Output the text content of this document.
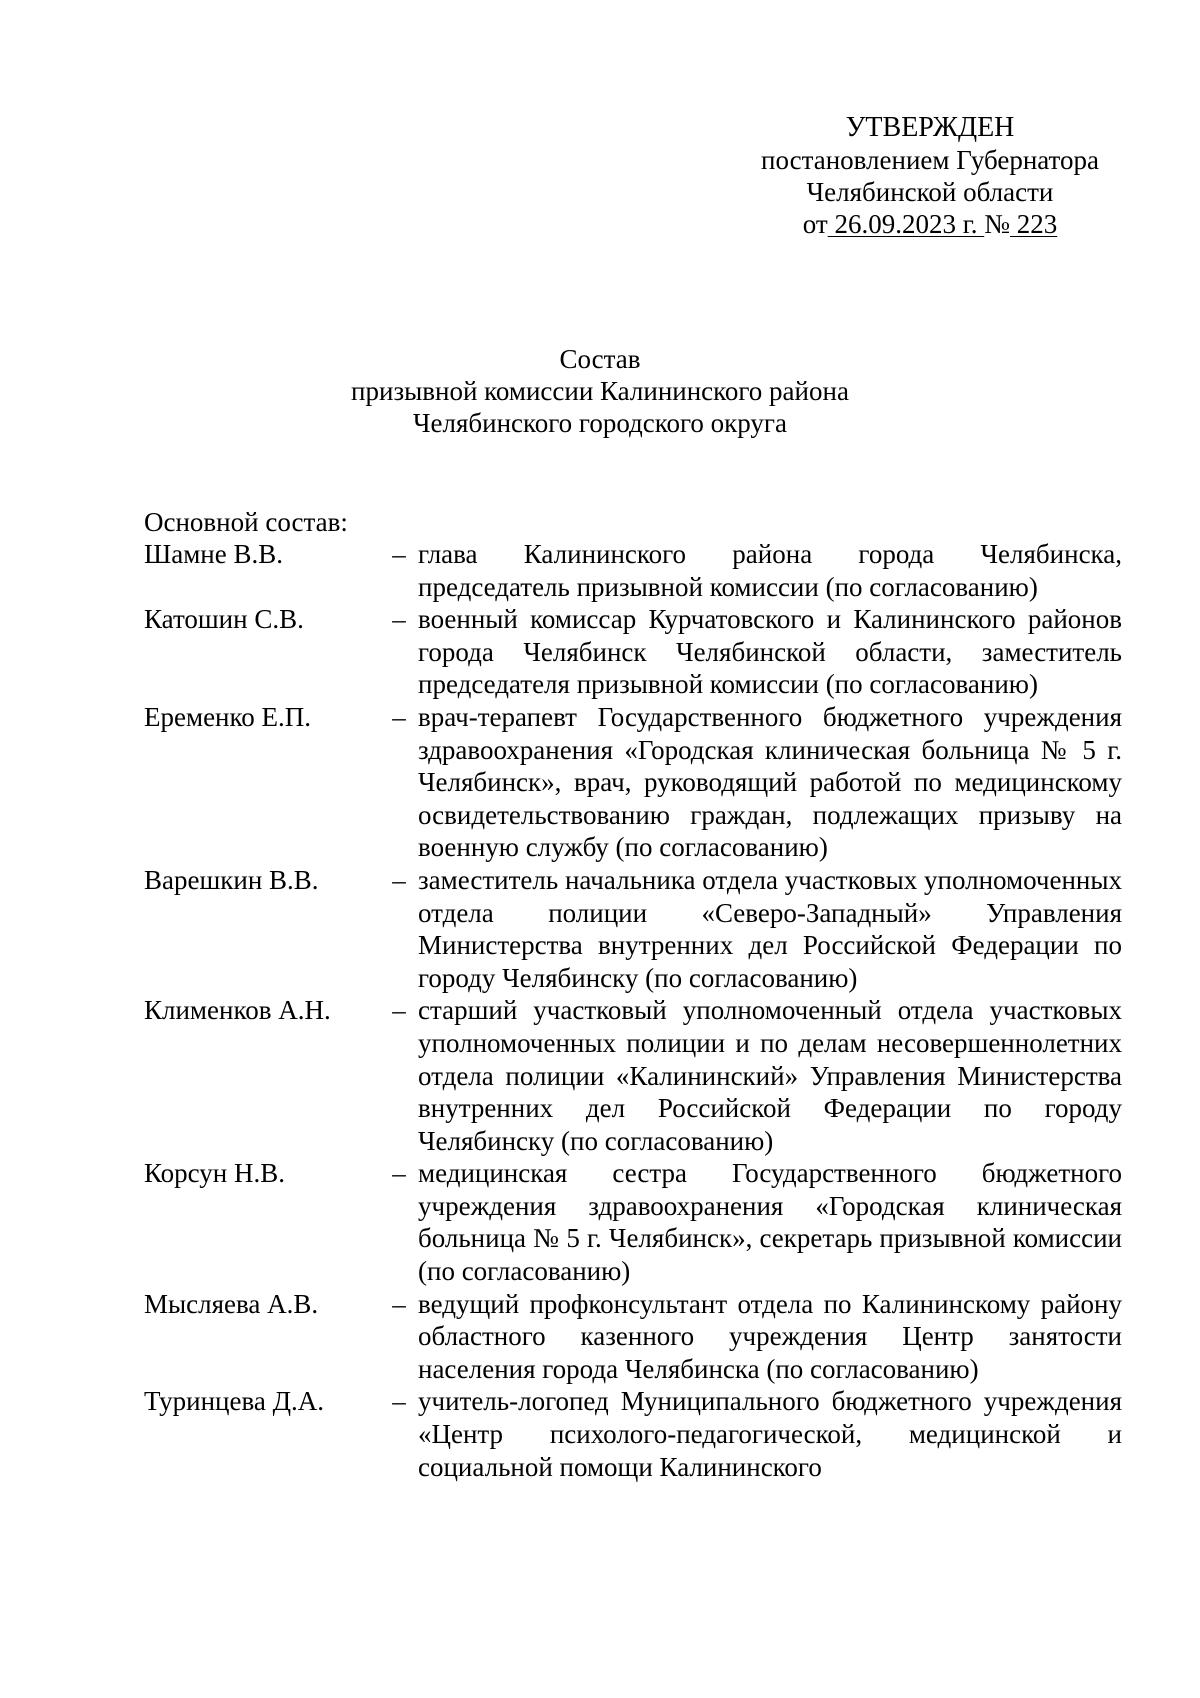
УТВЕРЖДЕН
постановлением Губернатора
Челябинской области
от 26.09.2023 г. № 223
Состав
призывной комиссии Калининского района
Челябинского городского округа
Основной состав:
Шамне В.В.	– глава Калининского района города Челябинска, председатель призывной комиссии (по согласованию)
Катошин С.В.	– военный комиссар Курчатовского и Калининского районов города Челябинск Челябинской области, заместитель председателя призывной комиссии (по согласованию)
Еременко Е.П.	– врач-терапевт Государственного бюджетного учреждения здравоохранения «Городская клиническая больница № 5 г. Челябинск», врач, руководящий работой по медицинскому освидетельствованию граждан, подлежащих призыву на военную службу (по согласованию)
Варешкин В.В.	– заместитель начальника отдела участковых уполномоченных отдела полиции «Северо-Западный» Управления Министерства внутренних дел Российской Федерации по городу Челябинску (по согласованию)
Клименков А.Н.	– старший участковый уполномоченный отдела участковых уполномоченных полиции и по делам несовершеннолетних отдела полиции «Калининский» Управления Министерства внутренних дел Российской Федерации по городу Челябинску (по согласованию)
Корсун Н.В.	– медицинская сестра Государственного бюджетного учреждения здравоохранения «Городская клиническая больница № 5 г. Челябинск», секретарь призывной комиссии (по согласованию)
Мысляева А.В.	– ведущий профконсультант отдела по Калининскому району областного казенного учреждения Центр занятости населения города Челябинска (по согласованию)
Туринцева Д.А.	– учитель-логопед Муниципального бюджетного учреждения «Центр психолого-педагогической, медицинской и социальной помощи Калининского
